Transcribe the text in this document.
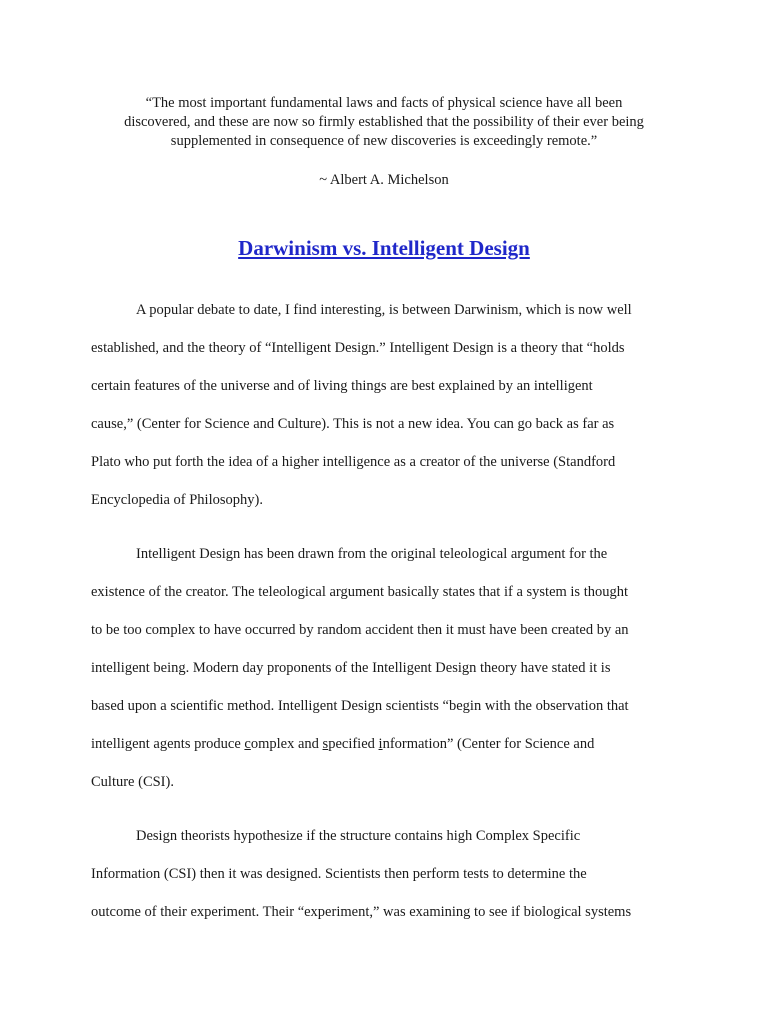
“The most important fundamental laws and facts of physical science have all been
discovered, and these are now so firmly established that the possibility of their ever being
supplemented in consequence of new discoveries is exceedingly remote.”
~ Albert A. Michelson
Darwinism vs. Intelligent Design
A popular debate to date, I find interesting, is between Darwinism, which is now well
established, and the theory of “Intelligent Design.” Intelligent Design is a theory that “holds
certain features of the universe and of living things are best explained by an intelligent
cause,” (Center for Science and Culture). This is not a new idea. You can go back as far as
Plato who put forth the idea of a higher intelligence as a creator of the universe (Standford
Encyclopedia of Philosophy).
Intelligent Design has been drawn from the original teleological argument for the
existence of the creator. The teleological argument basically states that if a system is thought
to be too complex to have occurred by random accident then it must have been created by an
intelligent being. Modern day proponents of the Intelligent Design theory have stated it is
based upon a scientific method. Intelligent Design scientists “begin with the observation that
intelligent agents produce complex and specified information” (Center for Science and
Culture (CSI).
Design theorists hypothesize if the structure contains high Complex Specific
Information (CSI) then it was designed. Scientists then perform tests to determine the
outcome of their experiment. Their “experiment,” was examining to see if biological systems
